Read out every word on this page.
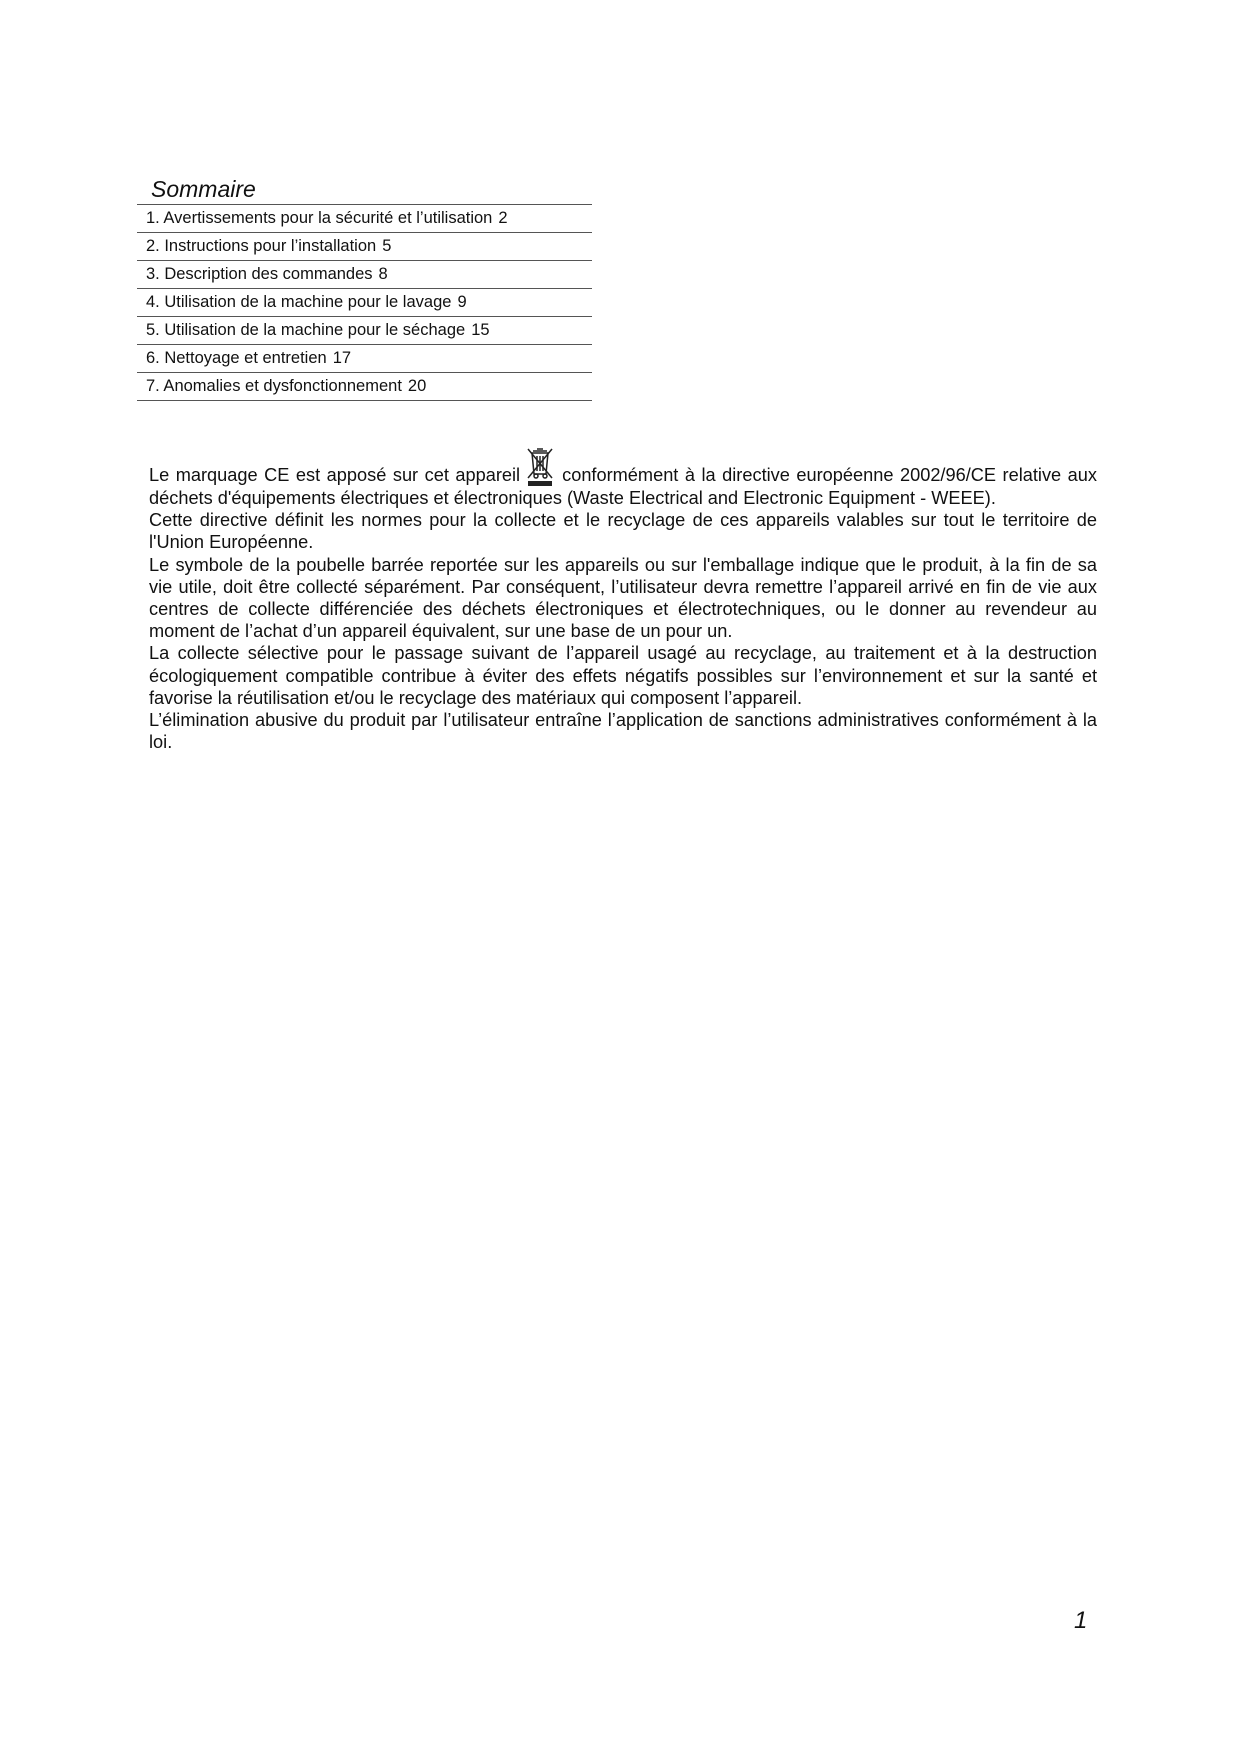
Sommaire
1. Avertissements pour la sécurité et l’utilisation 2
2. Instructions pour l’installation 5
3. Description des commandes 8
4. Utilisation de la machine pour le lavage 9
5. Utilisation de la machine pour le séchage 15
6. Nettoyage et entretien 17
7. Anomalies et dysfonctionnement 20

Le marquage CE est apposé sur cet appareil conformément à la directive européenne 2002/96/CE relative aux déchets d'équipements électriques et électroniques (Waste Electrical and Electronic Equipment - WEEE).

Cette directive définit les normes pour la collecte et le recyclage de ces appareils valables sur tout le territoire de l'Union Européenne.

Le symbole de la poubelle barrée reportée sur les appareils ou sur l'emballage indique que le produit, à la fin de sa vie utile, doit être collecté séparément. Par conséquent, l’utilisateur devra remettre l’appareil arrivé en fin de vie aux centres de collecte différenciée des déchets électroniques et électrotechniques, ou le donner au revendeur au moment de l’achat d’un appareil équivalent, sur une base de un pour un.

La collecte sélective pour le passage suivant de l’appareil usagé au recyclage, au traitement et à la destruction écologiquement compatible contribue à éviter des effets négatifs possibles sur l’environnement et sur la santé et favorise la réutilisation et/ou le recyclage des matériaux qui composent l’appareil.

L’élimination abusive du produit par l’utilisateur entraîne l’application de sanctions administratives conformément à la loi.

1
